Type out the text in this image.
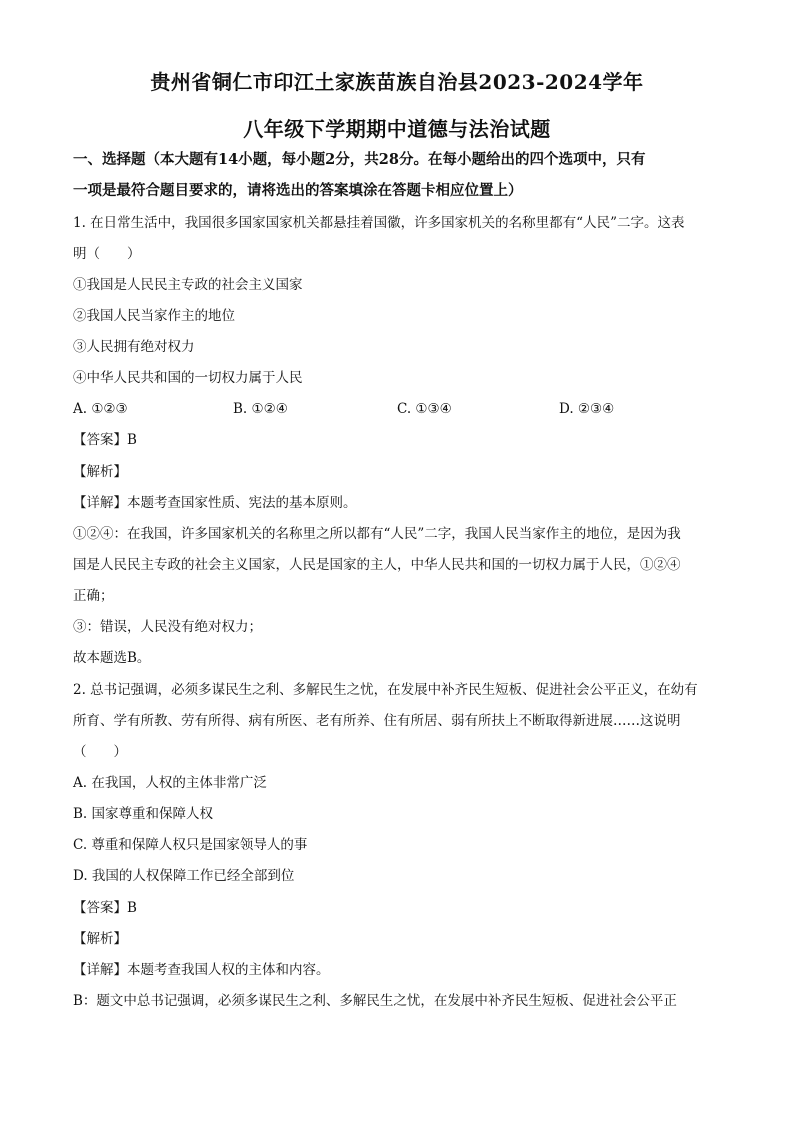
贵州省铜仁市印江土家族苗族自治县2023-2024学年
八年级下学期期中道德与法治试题
一、选择题（本大题有14小题，每小题2分，共28分。在每小题给出的四个选项中，只有
一项是最符合题目要求的，请将选出的答案填涂在答题卡相应位置上）
1. 在日常生活中，我国很多国家国家机关都悬挂着国徽，许多国家机关的名称里都有“人民”二字。这表
明（　　）
①我国是人民民主专政的社会主义国家
②我国人民当家作主的地位
③人民拥有绝对权力
④中华人民共和国的一切权力属于人民
A. ①②③	B. ①②④	C. ①③④	D. ②③④
【答案】B
【解析】
【详解】本题考查国家性质、宪法的基本原则。
①②④：在我国，许多国家机关的名称里之所以都有“人民”二字，我国人民当家作主的地位，是因为我
国是人民民主专政的社会主义国家，人民是国家的主人，中华人民共和国的一切权力属于人民，①②④
正确；
③：错误，人民没有绝对权力；
故本题选B。
2. 总书记强调，必须多谋民生之利、多解民生之忧，在发展中补齐民生短板、促进社会公平正义，在幼有
所育、学有所教、劳有所得、病有所医、老有所养、住有所居、弱有所扶上不断取得新进展……这说明
（　　）
A. 在我国，人权的主体非常广泛
B. 国家尊重和保障人权
C. 尊重和保障人权只是国家领导人的事
D. 我国的人权保障工作已经全部到位
【答案】B
【解析】
【详解】本题考查我国人权的主体和内容。
B：题文中总书记强调，必须多谋民生之利、多解民生之忧，在发展中补齐民生短板、促进社会公平正
